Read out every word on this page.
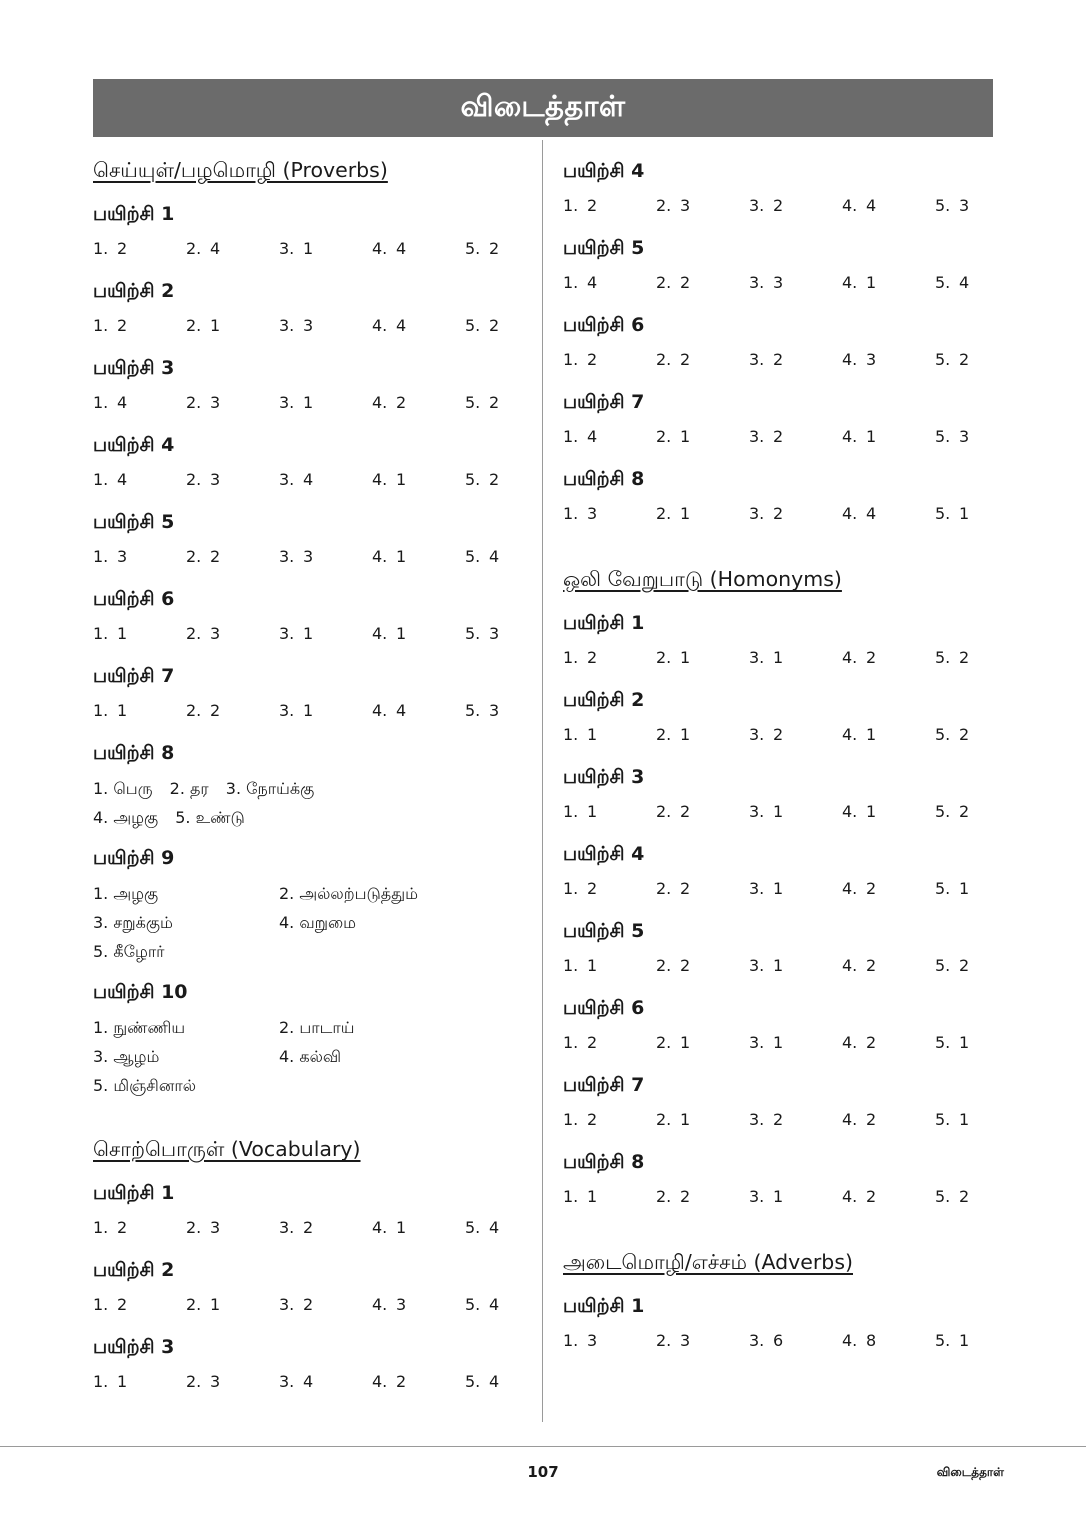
விடைத்தாள்
செய்யுள்/பழமொழி (Proverbs)
பயிற்சி 1
1. 2	2. 4	3. 1	4. 4	5. 2
பயிற்சி 2
1. 2	2. 1	3. 3	4. 4	5. 2
பயிற்சி 3
1. 4	2. 3	3. 1	4. 2	5. 2
பயிற்சி 4
1. 4	2. 3	3. 4	4. 1	5. 2
பயிற்சி 5
1. 3	2. 2	3. 3	4. 1	5. 4
பயிற்சி 6
1. 1	2. 3	3. 1	4. 1	5. 3
பயிற்சி 7
1. 1	2. 2	3. 1	4. 4	5. 3
பயிற்சி 8
1. பெரு 2. தர 3. நோய்க்கு
4. அழகு 5. உண்டு
பயிற்சி 9
1. அழகு	2. அல்லற்படுத்தும்
3. சறுக்கும்	4. வறுமை
5. கீழோர்
பயிற்சி 10
1. நுண்ணிய	2. பாடாய்
3. ஆழம்	4. கல்வி
5. மிஞ்சினால்
சொற்பொருள் (Vocabulary)
பயிற்சி 1
1. 2	2. 3	3. 2	4. 1	5. 4
பயிற்சி 2
1. 2	2. 1	3. 2	4. 3	5. 4
பயிற்சி 3
1. 1	2. 3	3. 4	4. 2	5. 4
பயிற்சி 4
1. 2	2. 3	3. 2	4. 4	5. 3
பயிற்சி 5
1. 4	2. 2	3. 3	4. 1	5. 4
பயிற்சி 6
1. 2	2. 2	3. 2	4. 3	5. 2
பயிற்சி 7
1. 4	2. 1	3. 2	4. 1	5. 3
பயிற்சி 8
1. 3	2. 1	3. 2	4. 4	5. 1
ஒலி வேறுபாடு (Homonyms)
பயிற்சி 1
1. 2	2. 1	3. 1	4. 2	5. 2
பயிற்சி 2
1. 1	2. 1	3. 2	4. 1	5. 2
பயிற்சி 3
1. 1	2. 2	3. 1	4. 1	5. 2
பயிற்சி 4
1. 2	2. 2	3. 1	4. 2	5. 1
பயிற்சி 5
1. 1	2. 2	3. 1	4. 2	5. 2
பயிற்சி 6
1. 2	2. 1	3. 1	4. 2	5. 1
பயிற்சி 7
1. 2	2. 1	3. 2	4. 2	5. 1
பயிற்சி 8
1. 1	2. 2	3. 1	4. 2	5. 2
அடைமொழி/எச்சம் (Adverbs)
பயிற்சி 1
1. 3	2. 3	3. 6	4. 8	5. 1
107	விடைத்தாள்
